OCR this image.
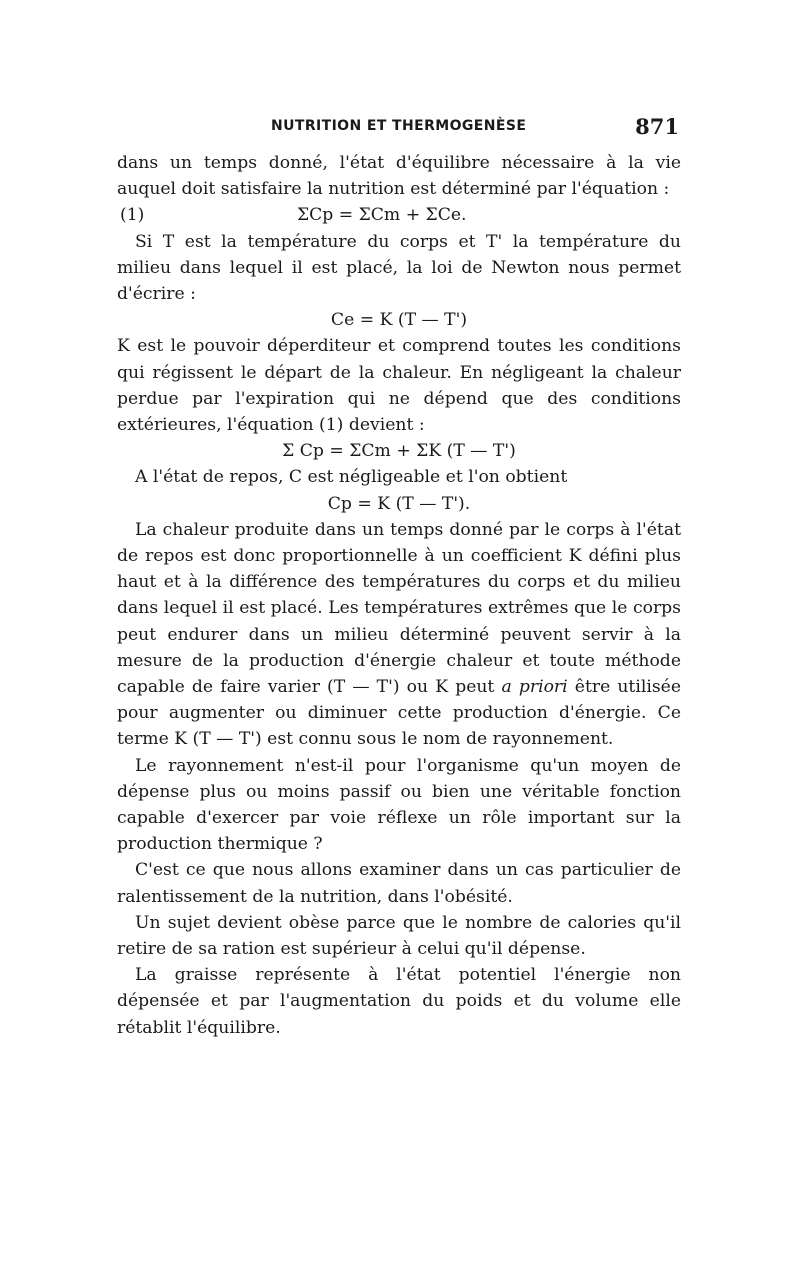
NUTRITION ET THERMOGENÈSE	871

dans un temps donné, l'état d'équilibre nécessaire à la vie auquel doit satisfaire la nutrition est déterminé par l'équation :

(1)	ΣCp = ΣCm + ΣCe.

Si T est la température du corps et T' la température du milieu dans lequel il est placé, la loi de Newton nous permet d'écrire :

Ce = K (T — T')

K est le pouvoir déperditeur et comprend toutes les conditions qui régissent le départ de la chaleur. En négligeant la chaleur perdue par l'expiration qui ne dépend que des conditions extérieures, l'équation (1) devient :

Σ Cp = ΣCm + ΣK (T — T')

A l'état de repos, C est négligeable et l'on obtient

Cp = K (T — T').

La chaleur produite dans un temps donné par le corps à l'état de repos est donc proportionnelle à un coefficient K défini plus haut et à la différence des températures du corps et du milieu dans lequel il est placé. Les températures extrêmes que le corps peut endurer dans un milieu déterminé peuvent servir à la mesure de la production d'énergie chaleur et toute méthode capable de faire varier (T — T') ou K peut a priori être utilisée pour augmenter ou diminuer cette production d'énergie. Ce terme K (T — T') est connu sous le nom de rayonnement.

Le rayonnement n'est-il pour l'organisme qu'un moyen de dépense plus ou moins passif ou bien une véritable fonction capable d'exercer par voie réflexe un rôle important sur la production thermique ?

C'est ce que nous allons examiner dans un cas particulier de ralentissement de la nutrition, dans l'obésité.

Un sujet devient obèse parce que le nombre de calories qu'il retire de sa ration est supérieur à celui qu'il dépense.

La graisse représente à l'état potentiel l'énergie non dépensée et par l'augmentation du poids et du volume elle rétablit l'équilibre.
